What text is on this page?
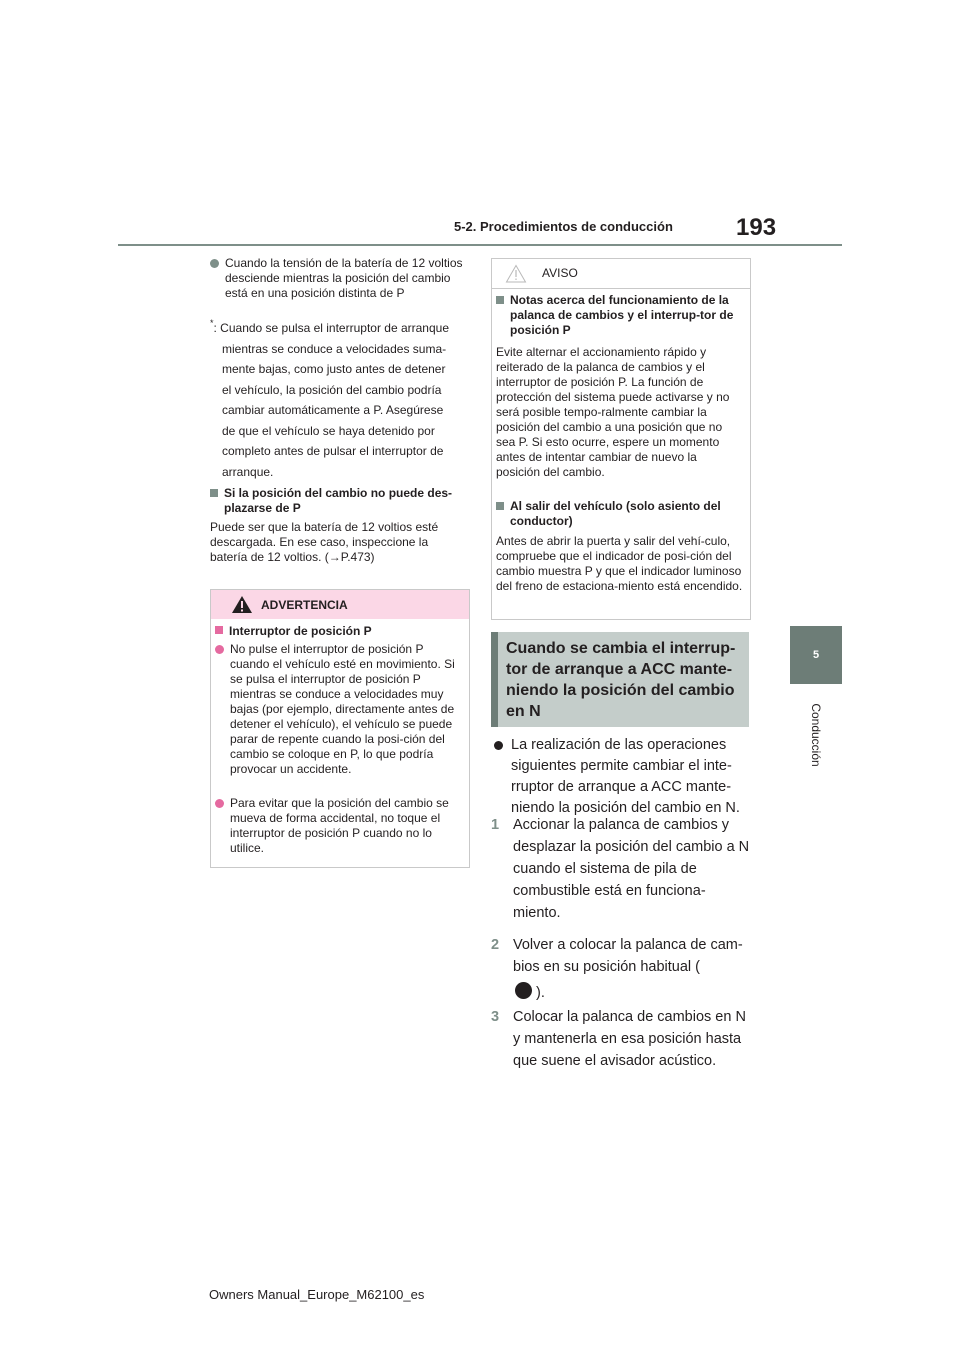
5-2. Procedimientos de conducción	193
5
Conducción
Cuando la tensión de la batería de 12 voltios desciende mientras la posición del cambio está en una posición distinta de P
* : Cuando se pulsa el interruptor de arranque
mientras se conduce a velocidades suma-
mente bajas, como justo antes de detener
el vehículo, la posición del cambio podría
cambiar automáticamente a P. Asegúrese
de que el vehículo se haya detenido por
completo antes de pulsar el interruptor de
arranque.
Si la posición del cambio no puede des-plazarse de P
Puede ser que la batería de 12 voltios esté descargada. En ese caso, inspeccione la batería de 12 voltios. (→P.473)
ADVERTENCIA
Interruptor de posición P
No pulse el interruptor de posición P cuando el vehículo esté en movimiento. Si se pulsa el interruptor de posición P mientras se conduce a velocidades muy bajas (por ejemplo, directamente antes de detener el vehículo), el vehículo se puede parar de repente cuando la posi-ción del cambio se coloque en P, lo que podría provocar un accidente.
Para evitar que la posición del cambio se mueva de forma accidental, no toque el interruptor de posición P cuando no lo utilice.
AVISO
Notas acerca del funcionamiento de la palanca de cambios y el interrup-tor de posición P
Evite alternar el accionamiento rápido y reiterado de la palanca de cambios y el interruptor de posición P. La función de protección del sistema puede activarse y no será posible tempo-ralmente cambiar la posición del cambio a una posición que no sea P. Si esto ocurre, espere un momento antes de intentar cambiar de nuevo la posición del cambio.
Al salir del vehículo (solo asiento del conductor)
Antes de abrir la puerta y salir del vehí-culo, compruebe que el indicador de posi-ción del cambio muestra P y que el indicador luminoso del freno de estaciona-miento está encendido.
Cuando se cambia el interrup-tor de arranque a ACC mante-niendo la posición del cambio en N
La realización de las operaciones siguientes permite cambiar el inte-rruptor de arranque a ACC mante-niendo la posición del cambio en N.
1 Accionar la palanca de cambios y desplazar la posición del cambio a N cuando el sistema de pila de combustible está en funciona-miento.
2 Volver a colocar la palanca de cam-bios en su posición habitual (
).
3 Colocar la palanca de cambios en N y mantenerla en esa posición hasta que suene el avisador acústico.
Owners Manual_Europe_M62100_es
